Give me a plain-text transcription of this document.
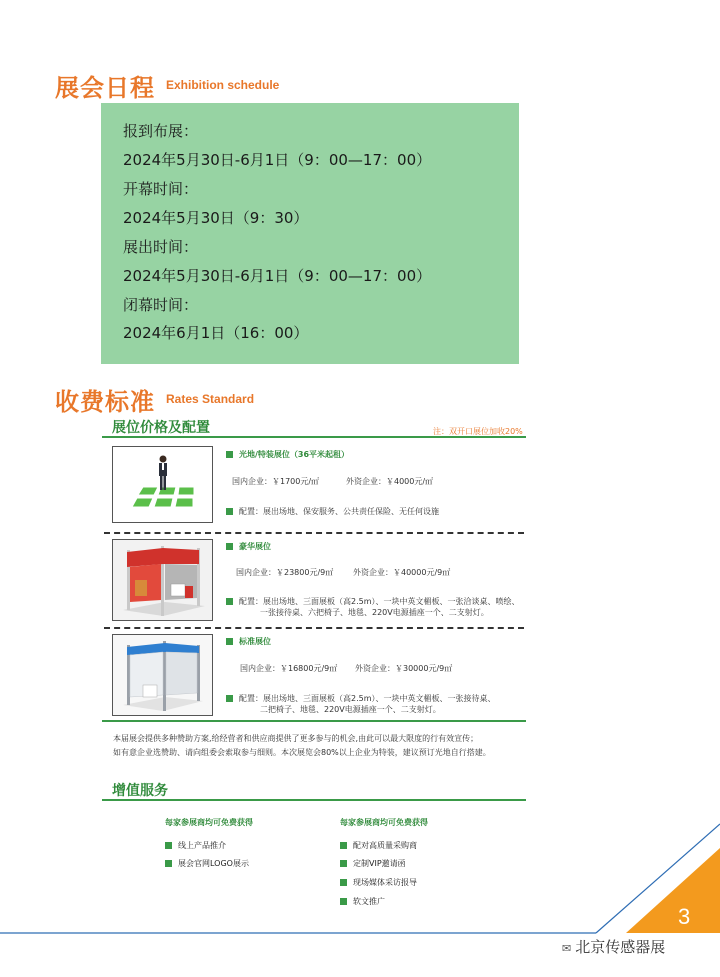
展会日程 Exhibition schedule
报到布展：
2024年5月30日-6月1日（9：00—17：00）
开幕时间：
2024年5月30日（9：30）
展出时间：
2024年5月30日-6月1日（9：00—17：00）
闭幕时间：
2024年6月1日（16：00）
收费标准 Rates Standard
展位价格及配置	注：双开口展位加收20%
光地/特装展位（36平米起租）
国内企业：￥1700元/㎡	外资企业：￥4000元/㎡
配置：展出场地、保安服务、公共责任保险、无任何设施
豪华展位
国内企业：￥23800元/9㎡ 外资企业：￥40000元/9㎡
配置：展出场地、三面展板（高2.5m）、一块中英文楣板、一张洽谈桌、喷绘、
一张接待桌、六把椅子、地毯、220V电源插座一个、二支射灯。
标准展位
国内企业：￥16800元/9㎡ 外资企业：￥30000元/9㎡
配置：展出场地、三面展板（高2.5m）、一块中英文楣板、一张接待桌、
二把椅子、地毯、220V电源插座一个、二支射灯。
本届展会提供多种赞助方案,给经营者和供应商提供了更多参与的机会,由此可以最大限度的行有效宣传；
如有意企业选赞助、请向组委会索取参与细则。本次展览会80%以上企业为特装，建议预订光地自行搭建。
增值服务
每家参展商均可免费获得
线上产品推介
展会官网LOGO展示
每家参展商均可免费获得
配对高质量采购商
定制VIP邀请函
现场媒体采访报导
软文推广
3
✉ 北京传感器展
